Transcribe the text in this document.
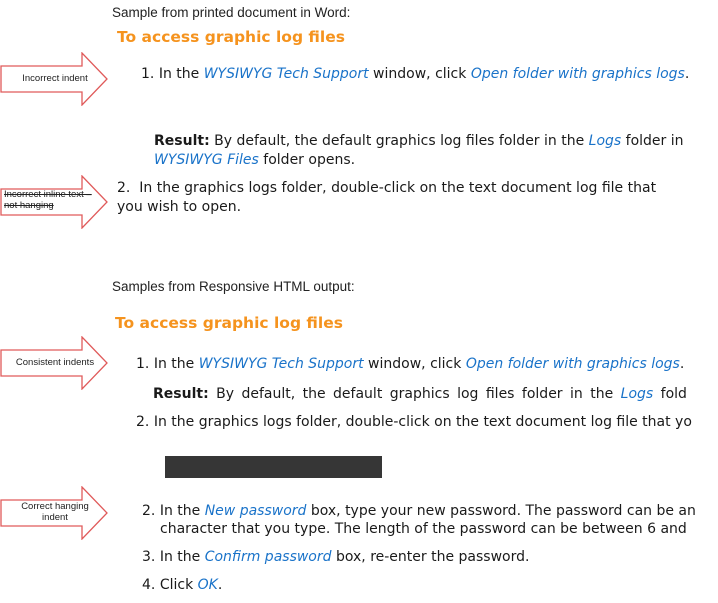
Sample from printed document in Word:
To access graphic log files
1. In the WYSIWYG Tech Support window, click Open folder with graphics logs.
Result: By default, the default graphics log files folder in the Logs folder in
WYSIWYG Files folder opens.
2. In the graphics logs folder, double-click on the text document log file that
you wish to open.
Samples from Responsive HTML output:
To access graphic log files
1. In the WYSIWYG Tech Support window, click Open folder with graphics logs.
Result: By default, the default graphics log files folder in the Logs fold
2. In the graphics logs folder, double-click on the text document log file that yo
2. In the New password box, type your new password. The password can be an
character that you type. The length of the password can be between 6 and
3. In the Confirm password box, re-enter the password.
4. Click OK.
Incorrect indent
Incorrect inline text –
not hanging
Consistent indents
Correct hanging
indent
